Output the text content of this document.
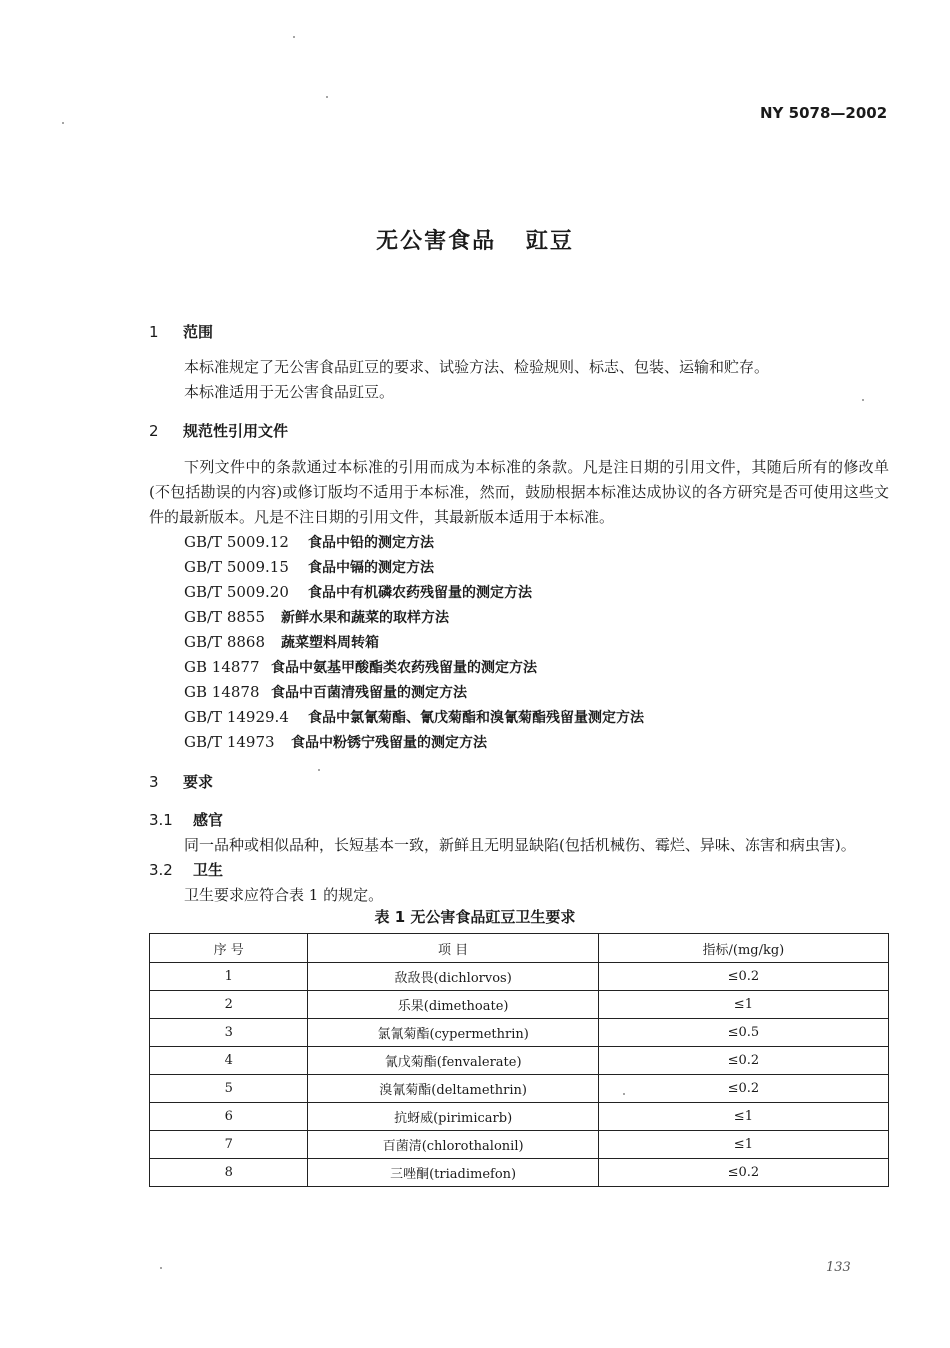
NY 5078—2002
无公害食品 豇豆
1 范围
本标准规定了无公害食品豇豆的要求、试验方法、检验规则、标志、包装、运输和贮存。
本标准适用于无公害食品豇豆。
2 规范性引用文件
下列文件中的条款通过本标准的引用而成为本标准的条款。凡是注日期的引用文件，其随后所有的修改单(不包括勘误的内容)或修订版均不适用于本标准，然而，鼓励根据本标准达成协议的各方研究是否可使用这些文件的最新版本。凡是不注日期的引用文件，其最新版本适用于本标准。
GB/T 5009.12 食品中铅的测定方法
GB/T 5009.15 食品中镉的测定方法
GB/T 5009.20 食品中有机磷农药残留量的测定方法
GB/T 8855 新鲜水果和蔬菜的取样方法
GB/T 8868 蔬菜塑料周转箱
GB 14877 食品中氨基甲酸酯类农药残留量的测定方法
GB 14878 食品中百菌清残留量的测定方法
GB/T 14929.4 食品中氯氰菊酯、氰戊菊酯和溴氰菊酯残留量测定方法
GB/T 14973 食品中粉锈宁残留量的测定方法
3 要求
3.1 感官
同一品种或相似品种，长短基本一致，新鲜且无明显缺陷(包括机械伤、霉烂、异味、冻害和病虫害)。
3.2 卫生
卫生要求应符合表 1 的规定。
表 1 无公害食品豇豆卫生要求
序 号	项 目	指标/(mg/kg)
1	敌敌畏(dichlorvos)	≤0.2
2	乐果(dimethoate)	≤1
3	氯氰菊酯(cypermethrin)	≤0.5
4	氰戊菊酯(fenvalerate)	≤0.2
5	溴氰菊酯(deltamethrin)	≤0.2
6	抗蚜威(pirimicarb)	≤1
7	百菌清(chlorothalonil)	≤1
8	三唑酮(triadimefon)	≤0.2
133
